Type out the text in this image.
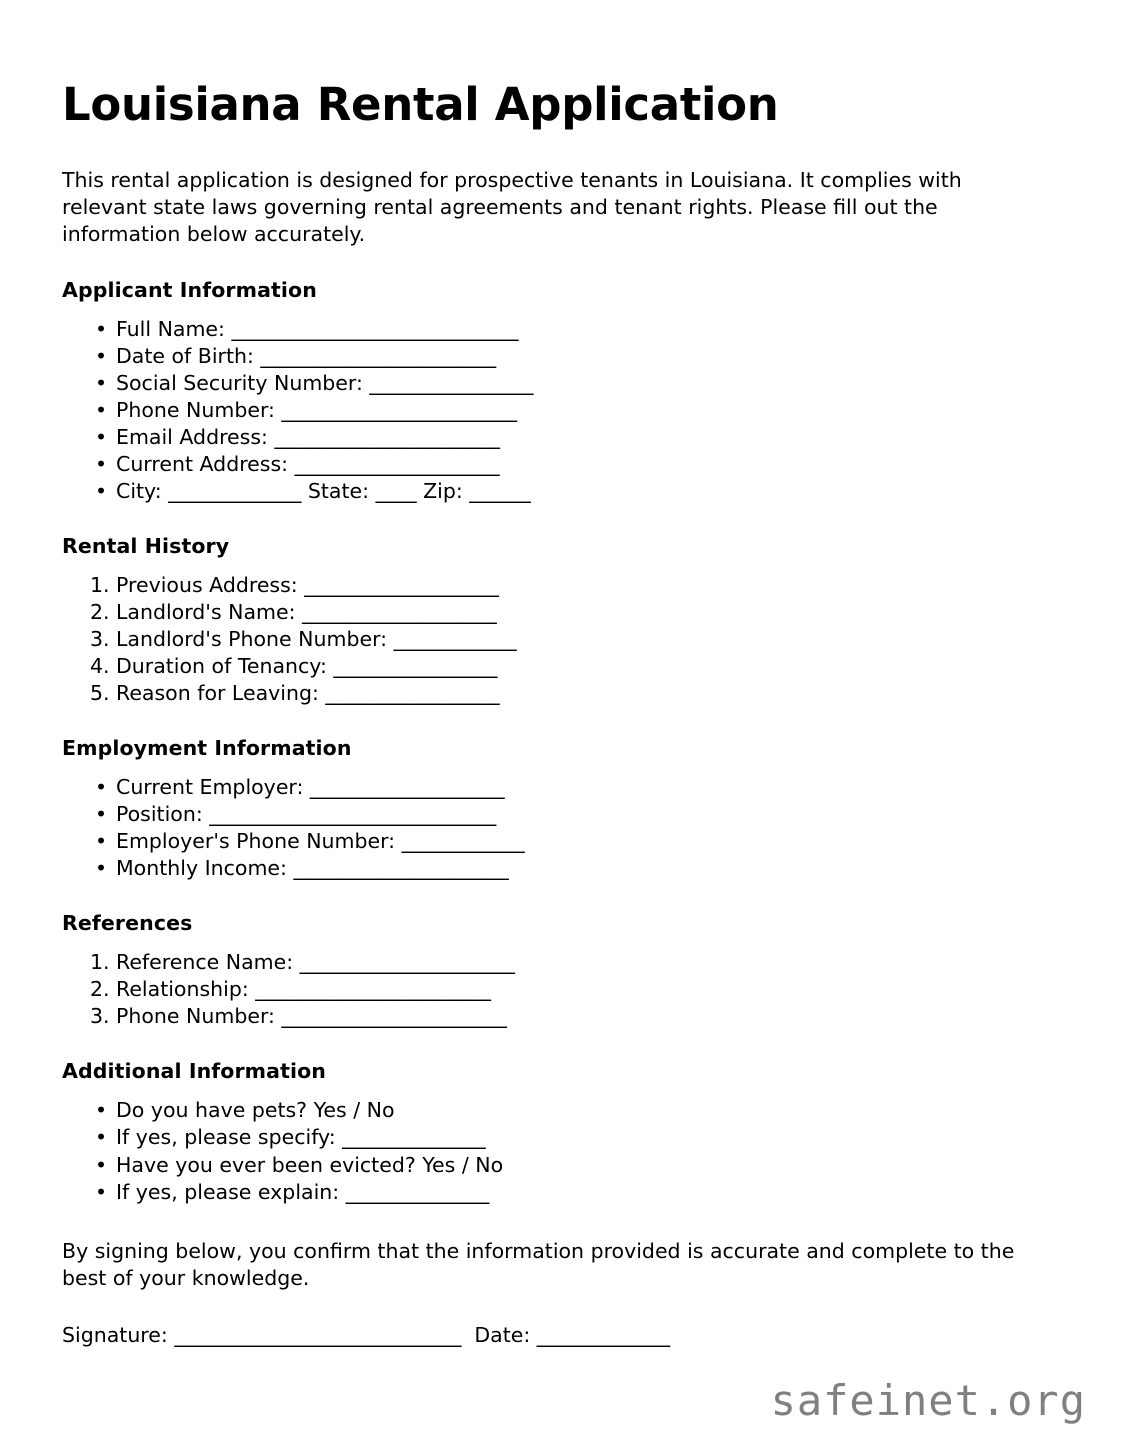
Louisiana Rental Application

This rental application is designed for prospective tenants in Louisiana. It complies with relevant state laws governing rental agreements and tenant rights. Please fill out the information below accurately.

Applicant Information
• Full Name: ____________________________
• Date of Birth: _______________________
• Social Security Number: ________________
• Phone Number: _______________________
• Email Address: ______________________
• Current Address: ____________________
• City: _____________ State: ____ Zip: ______
Rental History
Previous Address: ___________________
Landlord's Name: ___________________
Landlord's Phone Number: ____________
Duration of Tenancy: ________________
Reason for Leaving: _________________
Employment Information
• Current Employer: ___________________
• Position: ____________________________
• Employer's Phone Number: ____________
• Monthly Income: _____________________
References
Reference Name: _____________________
Relationship: _______________________
Phone Number: ______________________
Additional Information
• Do you have pets? Yes / No
• If yes, please specify: ______________
• Have you ever been evicted? Yes / No
• If yes, please explain: ______________

By signing below, you confirm that the information provided is accurate and complete to the best of your knowledge.

Signature: ____________________________  Date: _____________

safeinet.org
